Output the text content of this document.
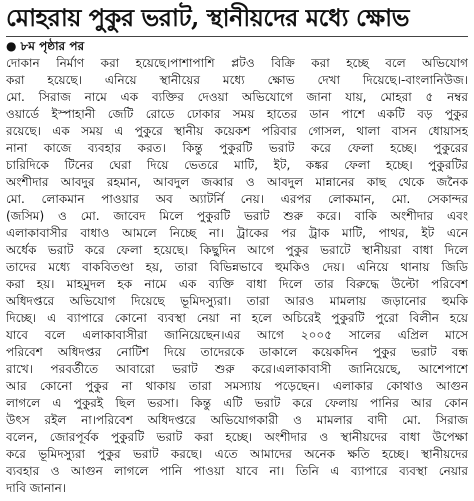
মোহরায় পুকুর ভরাট, স্থানীয়দের মধ্যে ক্ষোভ
● ৮ম পৃষ্ঠার পর
দোকান নির্মাণ করা হয়েছে।পাশাপাশি প্লটও বিক্রি করা হচ্ছে বলে অভিযোগ
করা হয়েছে। এনিয়ে স্থানীয়ের মধ্যে ক্ষোভ দেখা দিয়েছে।-বাংলানিউজ।
মো. সিরাজ নামে এক ব্যক্তির দেওয়া অভিযোগে জানা যায়, মোহরা ৫ নম্বর
ওয়ার্ডে ইস্পাহানী জেটি রোডে ঢোকার সময় হাতের ডান পাশে একটি বড় পুকুর
রয়েছে। এক সময় এ পুকুরে স্থানীয় কয়েকশ পরিবার গোসল, থালা বাসন ধোয়াসহ
নানা কাজে ব্যবহার করত। কিন্তু পুকুরটি ভরাট করে ফেলা হচ্ছে। পুকুরের
চারিদিকে টিনের ঘেরা দিয়ে ভেতরে মাটি, ইট, কঙ্কর ফেলা হচ্ছে। পুকুরটির
অংশীদার আবদুর রহমান, আবদুল জব্বার ও আবদুল মান্নানের কাছ থেকে জনৈক
মো. লোকমান পাওয়ার অব অ্যাটর্নি নেয়। এরপর লোকমান, মো. সেকান্দর
(জসিম) ও মো. জাবেদ মিলে পুকুরটি ভরাট শুরু করে। বাকি অংশীদার এবং
এলাকাবাসীর বাধাও আমলে নিচ্ছে না। ট্রাকের পর ট্রাক মাটি, পাথর, ইট এনে
অর্ধেক ভরাট করে ফেলা হয়েছে। কিছুদিন আগে পুকুর ভরাটে স্থানীয়রা বাধা দিলে
তাদের মধ্যে বাকবিতণ্ডা হয়, তারা বিভিন্নভাবে হুমকিও দেয়। এনিয়ে থানায় জিডি
করা হয়। মাহমুদল হক নামে এক ব্যক্তি বাধা দিলে তার বিরুদ্ধে উল্টো পরিবেশ
অধিদপ্তরে অভিযোগ দিয়েছে ভূমিদস্যুরা। তারা আরও মামলায় জড়ানোর হুমকি
দিচ্ছে। এ ব্যাপারে কোনো ব্যবস্থা নেয়া না হলে অচিরেই পুকুরটি পুরো বিলীন হয়ে
যাবে বলে এলাকাবাসীরা জানিয়েছেন।এর আগে ২০০৫ সালের এপ্রিল মাসে
পরিবেশ অধিদপ্তর নোটিশ দিয়ে তাদেরকে ডাকালে কয়েকদিন পুকুর ভরাট বন্ধ
রাখে। পরবর্তীতে আবারো ভরাট শুরু করে।এলাকাবাসী জানিয়েছে, আশেপাশে
আর কোনো পুকুর না থাকায় তারা সমস্যায় পড়েছেন। এলাকার কোথাও আগুন
লাগলে এ পুকুরই ছিল ভরসা। কিন্তু এটি ভরাট করে ফেলায় পানির আর কোন
উৎস রইল না।পরিবেশ অধিদপ্তরে অভিযোগকারী ও মামলার বাদী মো. সিরাজ
বলেন, জোরপূর্বক পুকুরটি ভরাট করা হচ্ছে। অংশীদার ও স্থানীয়দের বাধা উপেক্ষা
করে ভূমিদস্যুরা পুকুর ভরাট করছে। এতে আমাদের অনেক ক্ষতি হচ্ছে। স্থানীয়দের
ব্যবহার ও আগুন লাগলে পানি পাওয়া যাবে না। তিনি এ ব্যাপারে ব্যবস্থা নেয়ার
দাবি জানান।
